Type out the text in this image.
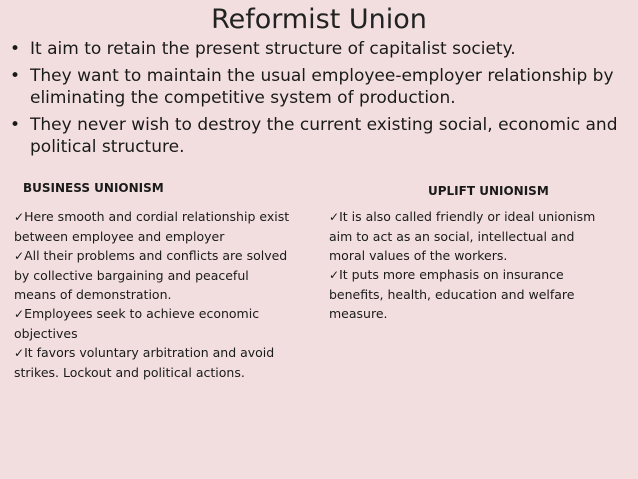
Reformist Union
• It aim to retain the present structure of capitalist society.
• They want to maintain the usual employee-employer relationship by eliminating the competitive system of production.
• They never wish to destroy the current existing social, economic and political structure.
BUSINESS UNIONISM	UPLIFT UNIONISM

✓Here smooth and cordial relationship exist between employee and employer

✓All their problems and conflicts are solved by collective bargaining and peaceful means of demonstration.

✓Employees seek to achieve economic objectives

✓It favors voluntary arbitration and avoid strikes. Lockout and political actions.

✓It is also called friendly or ideal unionism aim to act as an social, intellectual and moral values of the workers.

✓It puts more emphasis on insurance benefits, health, education and welfare measure.
